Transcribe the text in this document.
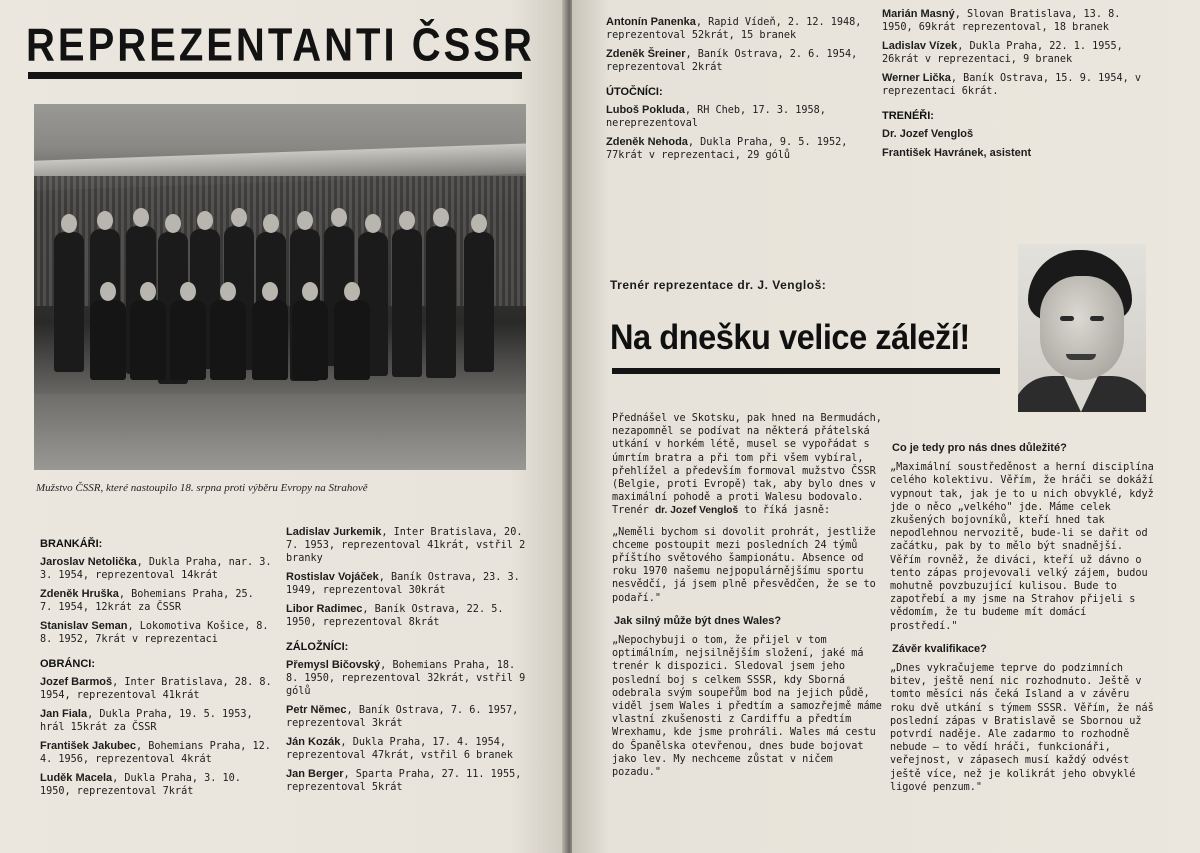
REPREZENTANTI ČSSR
Mužstvo ČSSR, které nastoupilo 18. srpna proti výběru Evropy na Strahově
BRANKÁŘI:
Jaroslav Netolička, Dukla Praha, nar. 3. 3. 1954, reprezentoval 14krát
Zdeněk Hruška, Bohemians Praha, 25. 7. 1954, 12krát za ČSSR
Stanislav Seman, Lokomotiva Košice, 8. 8. 1952, 7krát v reprezentaci
OBRÁNCI:
Jozef Barmoš, Inter Bratislava, 28. 8. 1954, reprezentoval 41krát
Jan Fiala, Dukla Praha, 19. 5. 1953, hrál 15krát za ČSSR
František Jakubec, Bohemians Praha, 12. 4. 1956, reprezentoval 4krát
Luděk Macela, Dukla Praha, 3. 10. 1950, reprezentoval 7krát
Ladislav Jurkemik, Inter Bratislava, 20. 7. 1953, reprezentoval 41krát, vstřil 2 branky
Rostislav Vojáček, Baník Ostrava, 23. 3. 1949, reprezentoval 30krát
Libor Radimec, Baník Ostrava, 22. 5. 1950, reprezentoval 8krát
ZÁLOŽNÍCI:
Přemysl Bičovský, Bohemians Praha, 18. 8. 1950, reprezentoval 32krát, vstřil 9 gólů
Petr Němec, Baník Ostrava, 7. 6. 1957, reprezentoval 3krát
Ján Kozák, Dukla Praha, 17. 4. 1954, reprezentoval 47krát, vstřil 6 branek
Jan Berger, Sparta Praha, 27. 11. 1955, reprezentoval 5krát
Antonín Panenka, Rapid Vídeň, 2. 12. 1948, reprezentoval 52krát, 15 branek
Zdeněk Šreiner, Baník Ostrava, 2. 6. 1954, reprezentoval 2krát
ÚTOČNÍCI:
Luboš Pokluda, RH Cheb, 17. 3. 1958, nereprezentoval
Zdeněk Nehoda, Dukla Praha, 9. 5. 1952, 77krát v reprezentaci, 29 gólů
Marián Masný, Slovan Bratislava, 13. 8. 1950, 69krát reprezentoval, 18 branek
Ladislav Vízek, Dukla Praha, 22. 1. 1955, 26krát v reprezentaci, 9 branek
Werner Lička, Baník Ostrava, 15. 9. 1954, v reprezentaci 6krát.
TRENÉŘI:
Dr. Jozef Vengloš
František Havránek, asistent
Trenér reprezentace dr. J. Vengloš:
Na dnešku velice záleží!

Přednášel ve Skotsku, pak hned na Bermudách, nezapomněl se podívat na některá přátelská utkání v horkém létě, musel se vypořádat s úmrtím bratra a při tom při všem vybíral, přehlížel a především formoval mužstvo ČSSR (Belgie, proti Evropě) tak, aby bylo dnes v maximální pohodě a proti Walesu bodovalo. Trenér dr. Jozef Vengloš to říká jasně:

„Neměli bychom si dovolit prohrát, jestliže chceme postoupit mezi posledních 24 týmů příštího světového šampionátu. Absence od roku 1970 našemu nejpopulárnějšímu sportu nesvědčí, já jsem plně přesvědčen, že se to podaří."

Jak silný může být dnes Wales?

„Nepochybuji o tom, že přijel v tom optimálním, nejsilnějším složení, jaké má trenér k dispozici. Sledoval jsem jeho poslední boj s celkem SSSR, kdy Sborná odebrala svým soupeřům bod na jejich půdě, viděl jsem Wales i předtím a samozřejmě máme vlastní zkušenosti z Cardiffu a předtím Wrexhamu, kde jsme prohráli. Wales má cestu do Španělska otevřenou, dnes bude bojovat jako lev. My nechceme zůstat v ničem pozadu."

Co je tedy pro nás dnes důležité?

„Maximální soustředěnost a herní disciplína celého kolektivu. Věřím, že hráči se dokáží vypnout tak, jak je to u nich obvyklé, když jde o něco „velkého" jde. Máme celek zkušených bojovníků, kteří hned tak nepodlehnou nervozitě, bude-li se dařit od začátku, pak by to mělo být snadnější. Věřím rovněž, že diváci, kteří už dávno o tento zápas projevovali velký zájem, budou mohutně povzbuzující kulisou. Bude to zapotřebí a my jsme na Strahov přijeli s vědomím, že tu budeme mít domácí prostředí."

Závěr kvalifikace?

„Dnes vykračujeme teprve do podzimních bitev, ještě není nic rozhodnuto. Ještě v tomto měsíci nás čeká Island a v závěru roku dvě utkání s týmem SSSR. Věřím, že náš poslední zápas v Bratislavě se Sbornou už potvrdí naděje. Ale zadarmo to rozhodně nebude — to vědí hráči, funkcionáři, veřejnost, v zápasech musí každý odvést ještě více, než je kolikrát jeho obvyklé ligové penzum."
